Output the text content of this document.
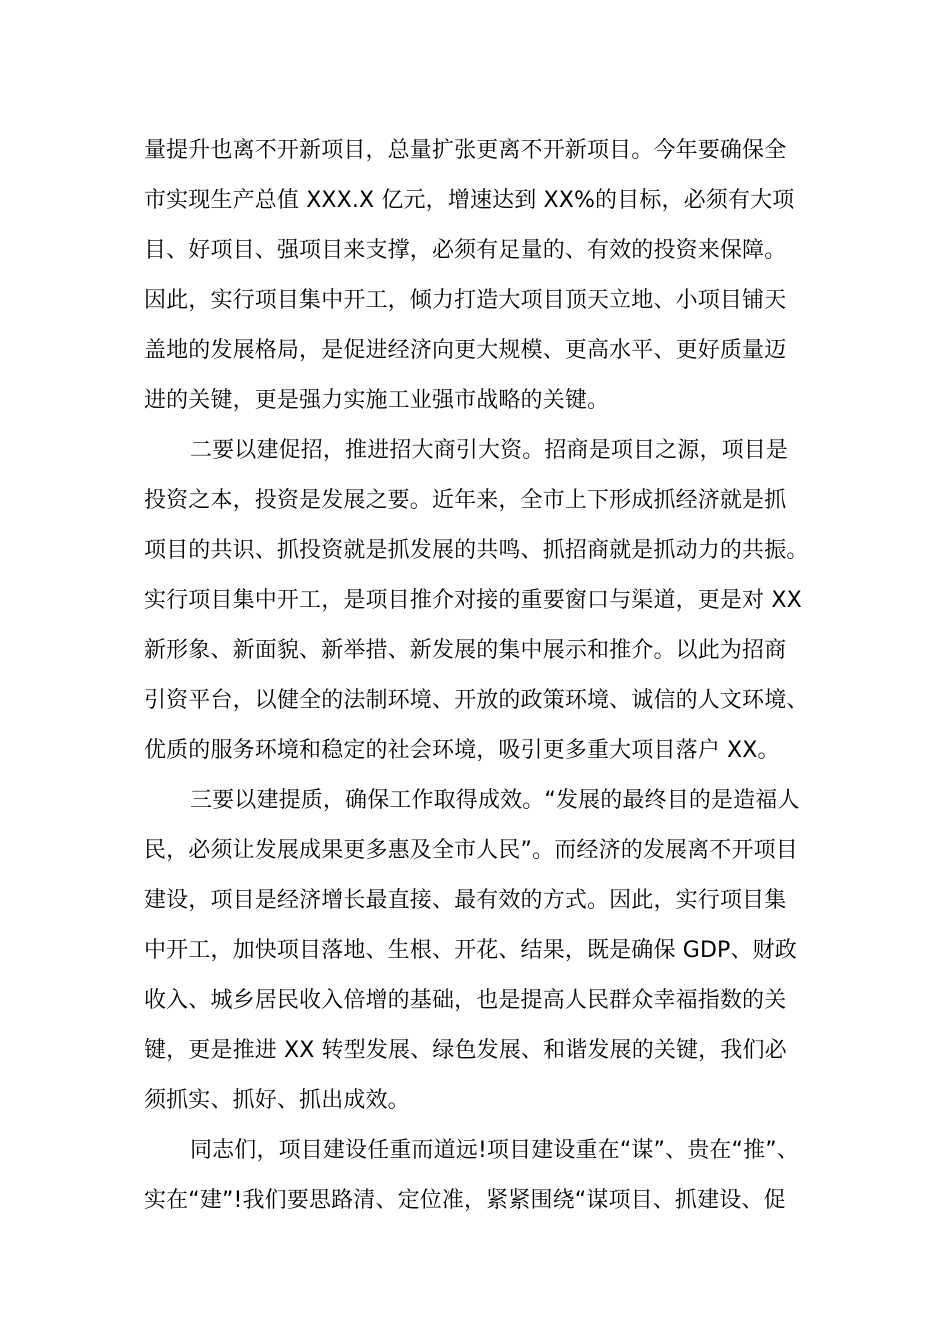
量提升也离不开新项目，总量扩张更离不开新项目。今年要确保全
市实现生产总值 XXX.X 亿元，增速达到 XX%的目标，必须有大项
目、好项目、强项目来支撑，必须有足量的、有效的投资来保障。
因此，实行项目集中开工，倾力打造大项目顶天立地、小项目铺天
盖地的发展格局，是促进经济向更大规模、更高水平、更好质量迈
进的关键，更是强力实施工业强市战略的关键。
二要以建促招，推进招大商引大资。招商是项目之源，项目是
投资之本，投资是发展之要。近年来，全市上下形成抓经济就是抓
项目的共识、抓投资就是抓发展的共鸣、抓招商就是抓动力的共振。
实行项目集中开工，是项目推介对接的重要窗口与渠道，更是对 XX
新形象、新面貌、新举措、新发展的集中展示和推介。以此为招商
引资平台，以健全的法制环境、开放的政策环境、诚信的人文环境、
优质的服务环境和稳定的社会环境，吸引更多重大项目落户 XX。
三要以建提质，确保工作取得成效。“发展的最终目的是造福人
民，必须让发展成果更多惠及全市人民”。而经济的发展离不开项目
建设，项目是经济增长最直接、最有效的方式。因此，实行项目集
中开工，加快项目落地、生根、开花、结果，既是确保 GDP、财政
收入、城乡居民收入倍增的基础，也是提高人民群众幸福指数的关
键，更是推进 XX 转型发展、绿色发展、和谐发展的关键，我们必
须抓实、抓好、抓出成效。
同志们，项目建设任重而道远!项目建设重在“谋”、贵在“推”、
实在“建”!我们要思路清、定位准，紧紧围绕“谋项目、抓建设、促
